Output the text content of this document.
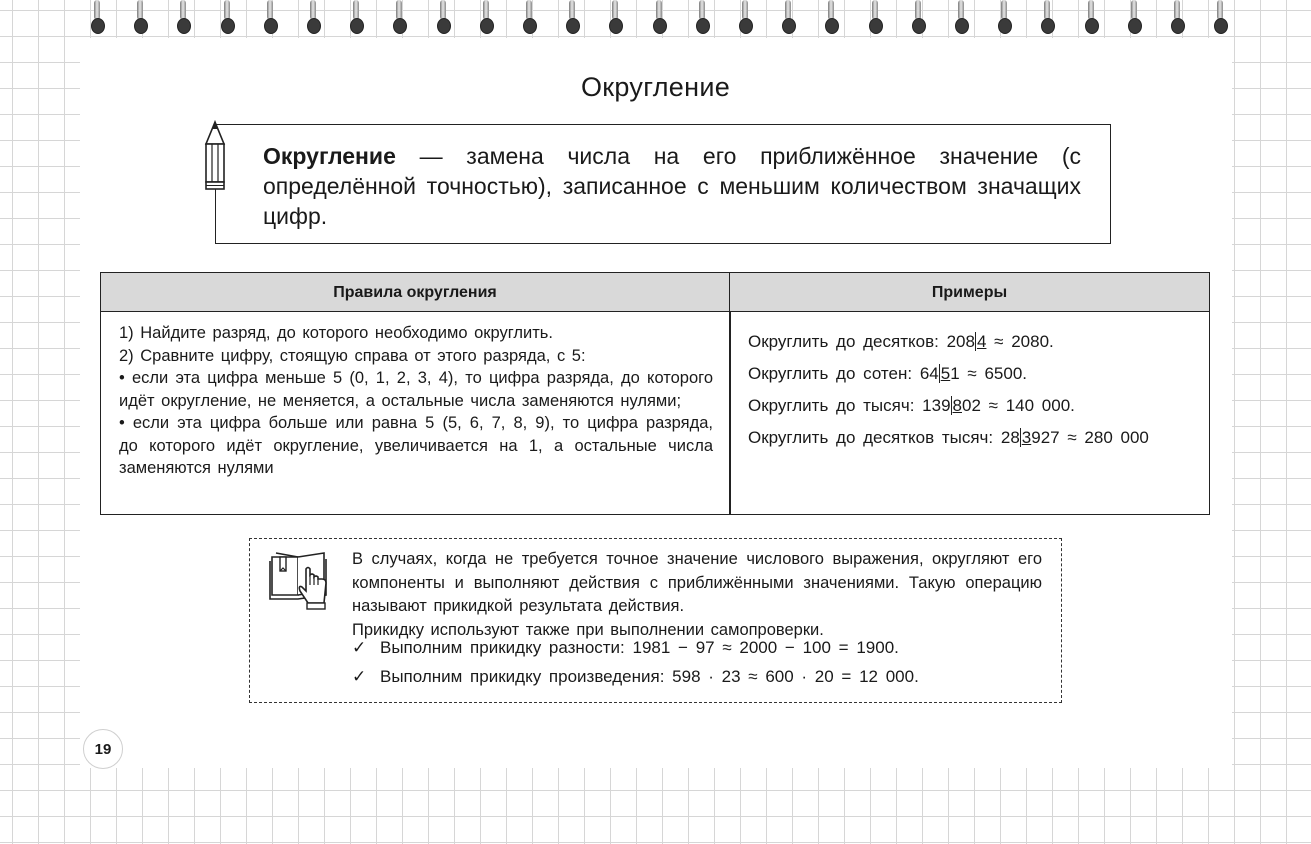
Округление
Округление — замена числа на его приближённое значение (с определённой точностью), записанное с меньшим количеством значащих цифр.
Правила округления	Примеры

1) Найдите разряд, до которого необходимо округлить.

2) Сравните цифру, стоящую справа от этого разряда, с 5:

• если эта цифра меньше 5 (0, 1, 2, 3, 4), то цифра разряда, до которого идёт округление, не меняется, а остальные числа заменяются нулями;

• если эта цифра больше или равна 5 (5, 6, 7, 8, 9), то цифра разряда, до которого идёт округление, увеличивается на 1, а остальные числа заменяются нулями

Округлить до десятков: 208 4 ≈ 2080.
Округлить до сотен: 64 51 ≈ 6500.
Округлить до тысяч: 139 802 ≈ 140 000.
Округлить до десятков тысяч: 28 3927 ≈ 280 000

В случаях, когда не требуется точное значение числового выражения, округляют его компоненты и выполняют действия с приближёнными значениями. Такую операцию называют прикидкой результата действия.

Прикидку используют также при выполнении самопроверки.

✓ Выполним прикидку разности: 1981 − 97 ≈ 2000 − 100 = 1900.
✓ Выполним прикидку произведения: 598 · 23 ≈ 600 · 20 = 12 000.
19
